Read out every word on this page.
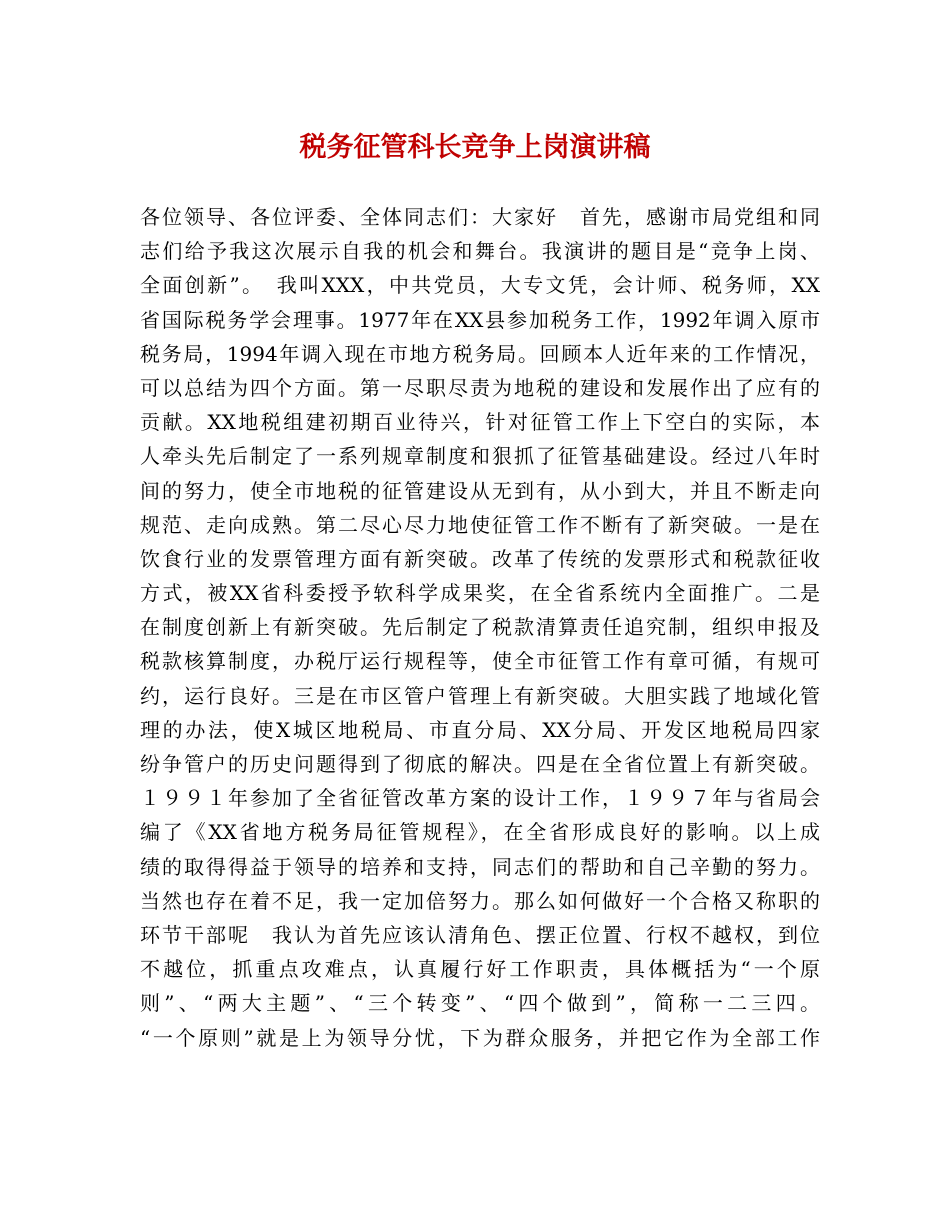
税务征管科长竞争上岗演讲稿
各位领导、各位评委、全体同志们：大家好　首先，感谢市局党组和同
志们给予我这次展示自我的机会和舞台。我演讲的题目是“竞争上岗、
全面创新”。　我叫XXX，中共党员，大专文凭，会计师、税务师，XX
省国际税务学会理事。1977年在XX县参加税务工作，1992年调入原市
税务局，1994年调入现在市地方税务局。回顾本人近年来的工作情况，
可以总结为四个方面。第一尽职尽责为地税的建设和发展作出了应有的
贡献。XX地税组建初期百业待兴，针对征管工作上下空白的实际，本
人牵头先后制定了一系列规章制度和狠抓了征管基础建设。经过八年时
间的努力，使全市地税的征管建设从无到有，从小到大，并且不断走向
规范、走向成熟。第二尽心尽力地使征管工作不断有了新突破。一是在
饮食行业的发票管理方面有新突破。改革了传统的发票形式和税款征收
方式，被XX省科委授予软科学成果奖，在全省系统内全面推广。二是
在制度创新上有新突破。先后制定了税款清算责任追究制，组织申报及
税款核算制度，办税厅运行规程等，使全市征管工作有章可循，有规可
约，运行良好。三是在市区管户管理上有新突破。大胆实践了地域化管
理的办法，使X城区地税局、市直分局、XX分局、开发区地税局四家
纷争管户的历史问题得到了彻底的解决。四是在全省位置上有新突破。
１９９１年参加了全省征管改革方案的设计工作，１９９７年与省局会
编了《XX省地方税务局征管规程》，在全省形成良好的影响。以上成
绩的取得得益于领导的培养和支持，同志们的帮助和自己辛勤的努力。
当然也存在着不足，我一定加倍努力。那么如何做好一个合格又称职的
环节干部呢　我认为首先应该认清角色、摆正位置、行权不越权，到位
不越位，抓重点攻难点，认真履行好工作职责，具体概括为“一个原
则”、“两大主题”、“三个转变”、“四个做到”，简称一二三四。
“一个原则”就是上为领导分忧，下为群众服务，并把它作为全部工作
